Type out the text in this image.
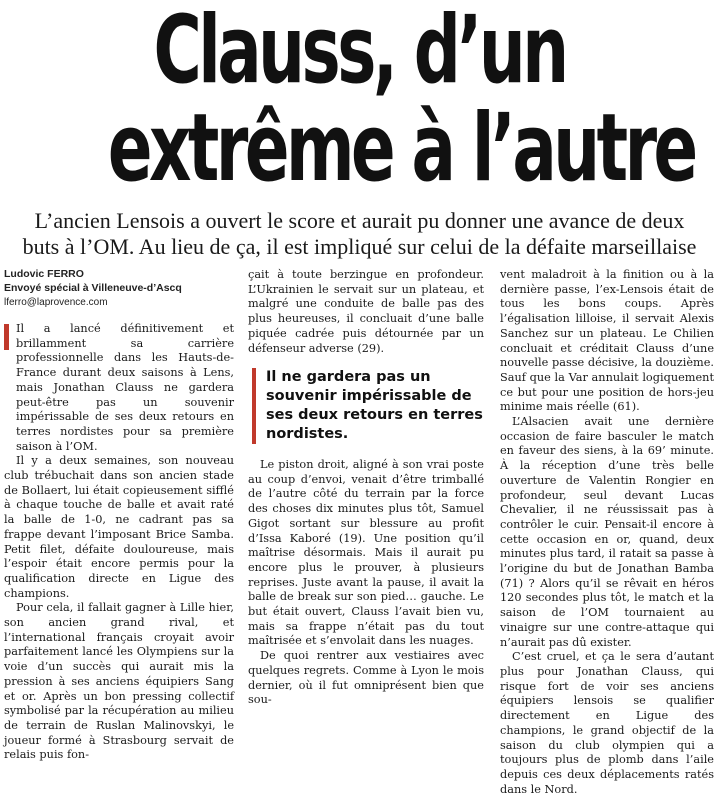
Clauss, d’un
extrême à l’autre
L’ancien Lensois a ouvert le score et aurait pu donner une avance de deux
buts à l’OM. Au lieu de ça, il est impliqué sur celui de la défaite marseillaise
Ludovic FERRO
Envoyé spécial à Villeneuve-d’Ascq
lferro@laprovence.com

Il a lancé définitivement et brillamment sa carrière professionnelle dans les Hauts-de-France durant deux saisons à Lens, mais Jonathan Clauss ne gardera peut-être pas un souvenir impérissable de ses deux retours en terres nordistes pour sa première saison à l’OM.

Il y a deux semaines, son nouveau club trébuchait dans son ancien stade de Bollaert, lui était copieusement sifflé à chaque touche de balle et avait raté la balle de 1-0, ne cadrant pas sa frappe devant l’imposant Brice Samba. Petit filet, défaite douloureuse, mais l’espoir était encore permis pour la qualification directe en Ligue des champions.

Pour cela, il fallait gagner à Lille hier, son ancien grand rival, et l’international français croyait avoir parfaitement lancé les Olympiens sur la voie d’un succès qui aurait mis la pression à ses anciens équipiers Sang et or. Après un bon pressing collectif symbolisé par la récupération au milieu de terrain de Ruslan Malinovskyi, le joueur formé à Strasbourg servait de relais puis fon-

çait à toute berzingue en profondeur. L’Ukrainien le servait sur un plateau, et malgré une conduite de balle pas des plus heureuses, il concluait d’une balle piquée cadrée puis détournée par un défenseur adverse (29).

Il ne gardera pas un souvenir impérissable de ses deux retours en terres nordistes.

Le piston droit, aligné à son vrai poste au coup d’envoi, venait d’être trimballé de l’autre côté du terrain par la force des choses dix minutes plus tôt, Samuel Gigot sortant sur blessure au profit d’Issa Kaboré (19). Une position qu’il maîtrise désormais. Mais il aurait pu encore plus le prouver, à plusieurs reprises. Juste avant la pause, il avait la balle de break sur son pied… gauche. Le but était ouvert, Clauss l’avait bien vu, mais sa frappe n’était pas du tout maîtrisée et s’envolait dans les nuages.

De quoi rentrer aux vestiaires avec quelques regrets. Comme à Lyon le mois dernier, où il fut omniprésent bien que sou-

vent maladroit à la finition ou à la dernière passe, l’ex-Lensois était de tous les bons coups. Après l’égalisation lilloise, il servait Alexis Sanchez sur un plateau. Le Chilien concluait et créditait Clauss d’une nouvelle passe décisive, la douzième. Sauf que la Var annulait logiquement ce but pour une position de hors-jeu minime mais réelle (61).

L’Alsacien avait une dernière occasion de faire basculer le match en faveur des siens, à la 69’ minute. À la réception d’une très belle ouverture de Valentin Rongier en profondeur, seul devant Lucas Chevalier, il ne réussissait pas à contrôler le cuir. Pensait-il encore à cette occasion en or, quand, deux minutes plus tard, il ratait sa passe à l’origine du but de Jonathan Bamba (71) ? Alors qu’il se rêvait en héros 120 secondes plus tôt, le match et la saison de l’OM tournaient au vinaigre sur une contre-attaque qui n’aurait pas dû exister.

C’est cruel, et ça le sera d’autant plus pour Jonathan Clauss, qui risque fort de voir ses anciens équipiers lensois se qualifier directement en Ligue des champions, le grand objectif de la saison du club olympien qui a toujours plus de plomb dans l’aile depuis ces deux déplacements ratés dans le Nord.
